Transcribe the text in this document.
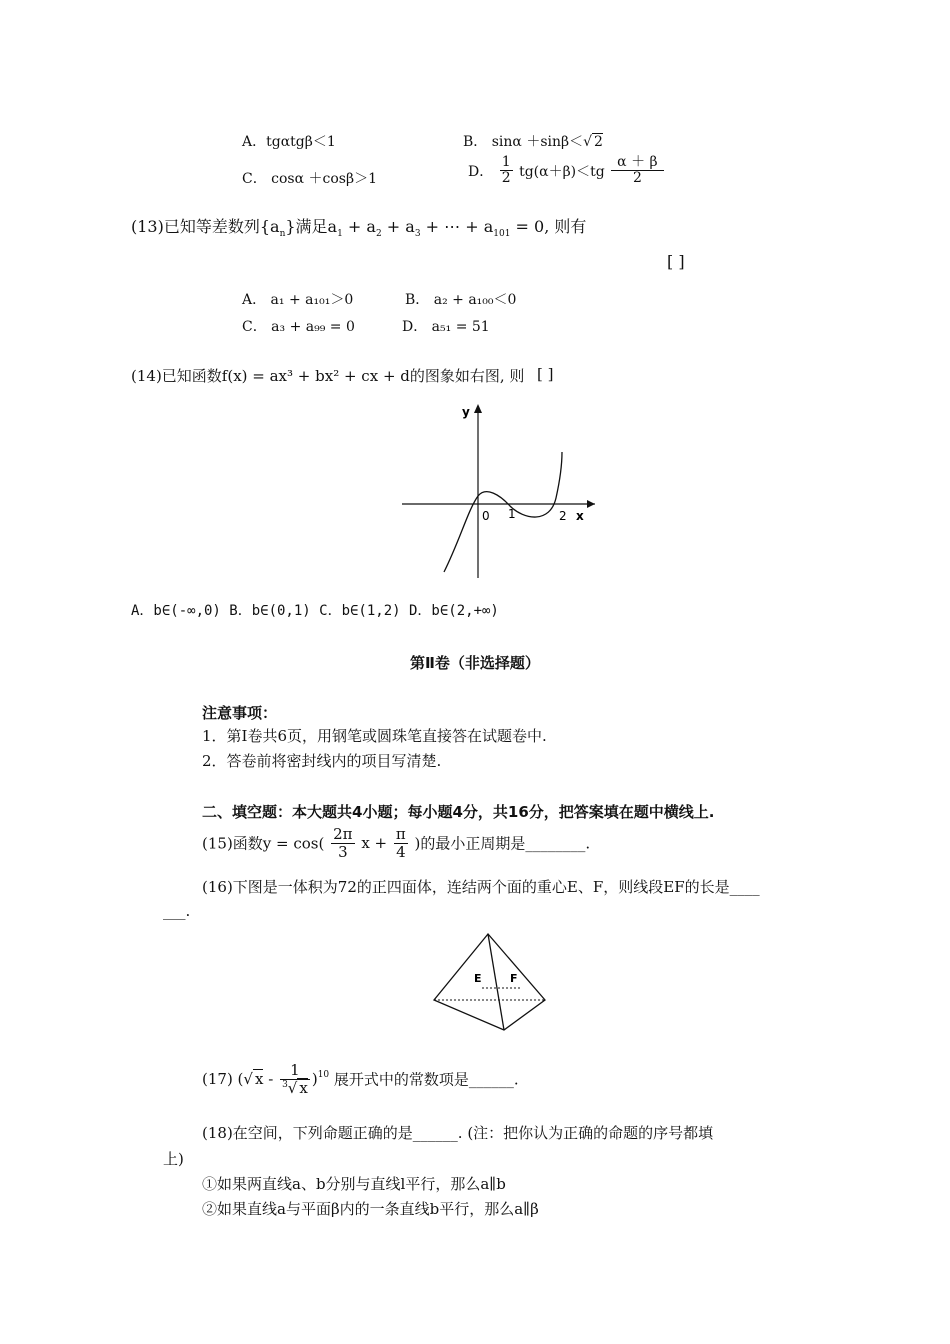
A．tgαtgβ＜1	B． sinα ＋sinβ＜√ 2
C． cosα ＋cosβ＞1	D． $\frac{1}{2} tg(\alpha+\beta)<tg \frac{\alpha + \beta}{2}$
(13)已知等差数列$\{a_n\}$满足$a_1 + a_2 + a_3$ + ⋯ + $a_{101} = 0$, 则有
[ ]
A． a₁ + a₁₀₁＞0	B． a₂ + a₁₀₀＜0
C． a₃ + a₉₉ = 0	D． a₅₁ = 51
(14)已知函数f(x) = ax³ + bx² + cx + d的图象如右图, 则 [ ]
y
0 1	2 x
A．b∈(-∞,0) B．b∈(0,1) C．b∈(1,2) D．b∈(2,+∞)
第Ⅱ卷（非选择题）
注意事项：
1．第Ⅰ卷共6页，用钢笔或圆珠笔直接答在试题卷中.
2．答卷前将密封线内的项目写清楚.
二、填空题：本大题共4小题；每小题4分，共16分，把答案填在题中横线上.
(15)函数$y = \cos( \frac{2\pi}{3}$ $x + \frac{\pi}{4}$ )的最小正周期是________.
(16)下图是一体积为72的正四面体，连结两个面的重心E、F，则线段EF的长是____
___.
E	F
(17) (√ x - $\frac{1}{^3√ x} )^{10}$ 展开式中的常数项是______.
(18)在空间，下列命题正确的是______. (注：把你认为正确的命题的序号都填
上)
①如果两直线a、b分别与直线l平行，那么a∥b
②如果直线a与平面β内的一条直线b平行，那么a∥β
